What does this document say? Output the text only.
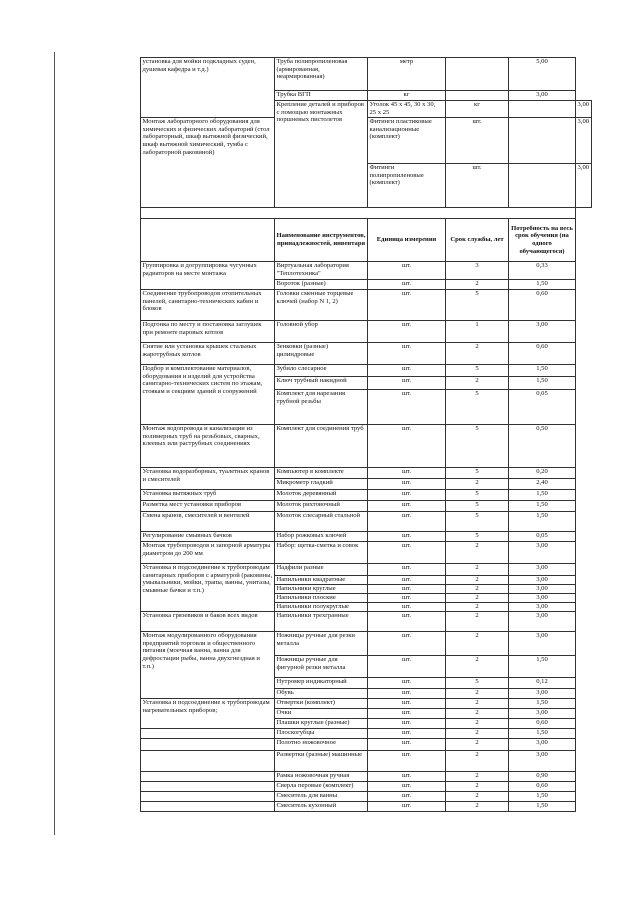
установка для мойки подкладных суден, душевая кафедра и т.д.)	Труба полипропиленовая (армированная, неармированная)	метр		5,00	
	Трубка ВГП	кг		3,00	
	Крепление деталей и приборов с помощью монтажных поршневых пистолетов	Уголок 45 x 45, 30 x 30, 25 x 25	кг		3,00
Монтаж лабораторного оборудования для химических и физических лабораторий (стол лабораторный, шкаф вытяжной физический, шкаф вытяжной химический, тумба с лабораторной раковиной)		Фитинги пластиковые канализационные (комплект)	шт.		3,00
		Фитинги полипропиленовые (комплект)	шт.		3,00

	Наименование инструментов, принадлежностей, инвентаря	Единица измерения	Срок службы, лет	Потребность на весь срок обучения (на одного обучающегося)	
Группировка и догруппировка чугунных радиаторов на месте монтажа	Виртуальная лаборатория "Теплотехника"	шт.	3	0,33	
	Вороток (разные)	шт.	2	1,50	
Соединение трубопроводов отопительных панелей, санитарно-технических кабин и блоков	Головки сменные торцевые ключей (набор N 1, 2)	шт.	5	0,60	
Подгонка по месту и постановка заглушек при ремонте паровых котлов	Головной убор	шт.	1	3,00	
Снятие или установка крышек стальных жаротрубных котлов	Зенковки (разные) цилиндровые	шт.	2	0,60	
Подбор и комплектование материалов, оборудования и изделий для устройства санитарно-технических систем по этажам, стоякам и секциям зданий и сооружений	Зубило слесарное	шт.	5	1,50	
	Ключ трубный накидной	шт.	2	1,50	
	Комплект для нарезания трубной резьбы	шт.	5	0,05	
Монтаж водопровода и канализации из полимерных труб на резьбовых, сварных, клеевых или раструбных соединениях	Комплект для соединения труб	шт.	5	0,50	
Установка водоразборных, туалетных кранов и смесителей	Компьютер в комплекте	шт.	5	0,20	
	Микрометр гладкий	шт.	2	2,40	
Установка вытяжных труб	Молоток деревянный	шт.	5	1,50	
Разметка мест установки приборов	Молоток рихтовочный	шт.	5	1,50	
Смена кранов, смесителей и вентилей	Молоток слесарный стальной	шт.	5	1,50	
Регулирование смывных бачков	Набор рожковых ключей	шт.	5	0,05	
Монтаж трубопроводов и запорной арматуры диаметром до 200 мм	Набор: щетка-сметка и совок	шт.	2	3,00	
Установка и подсоединение к трубопроводам санитарных приборов с арматурой (раковины, умывальники, мойки, трапы, ванны, унитазы, смывные бачки и т.п.)	Надфили разные	шт.	2	3,00	
	Напильники квадратные	шт.	2	3,00	
	Напильники круглые	шт.	2	3,00	
	Напильники плоские	шт.	2	3,00	
	Напильники полукруглые	шт.	2	3,00	
Установка грязевиков и баков всех видов	Напильники трехгранные	шт.	2	3,00	
Монтаж модулированного оборудования предприятий торговли и общественного питания (моечная ванна, ванна для дефростации рыбы, ванна двухгнездная и т.п.)	Ножницы ручные для резки металла	шт.	2	3,00	
	Ножницы ручные для фигурной резки металла	шт.	2	1,50	
	Нутромер индикаторный	шт.	5	0,12	
	Обувь	шт.	2	3,00	
Установка и подсоединение к трубопроводам нагревательных приборов;	Отвертки (комплект)	шт.	2	1,50	
	Очки	шт.	2	3,00	
	Плашки круглые (разные)	шт.	2	0,60	
	Плоскогубцы	шт.	2	1,50	
	Полотно ножовочное	шт.	2	3,00	
	Развертки (разные) машинные	шт.	2	3,00	
	Рамка ножовочная ручная	шт.	2	0,90	
	Сверла перовые (комплект)	шт.	2	0,60	
	Смеситель для ванны	шт.	2	1,50	
	Смеситель кухонный	шт.	2	1,50	
